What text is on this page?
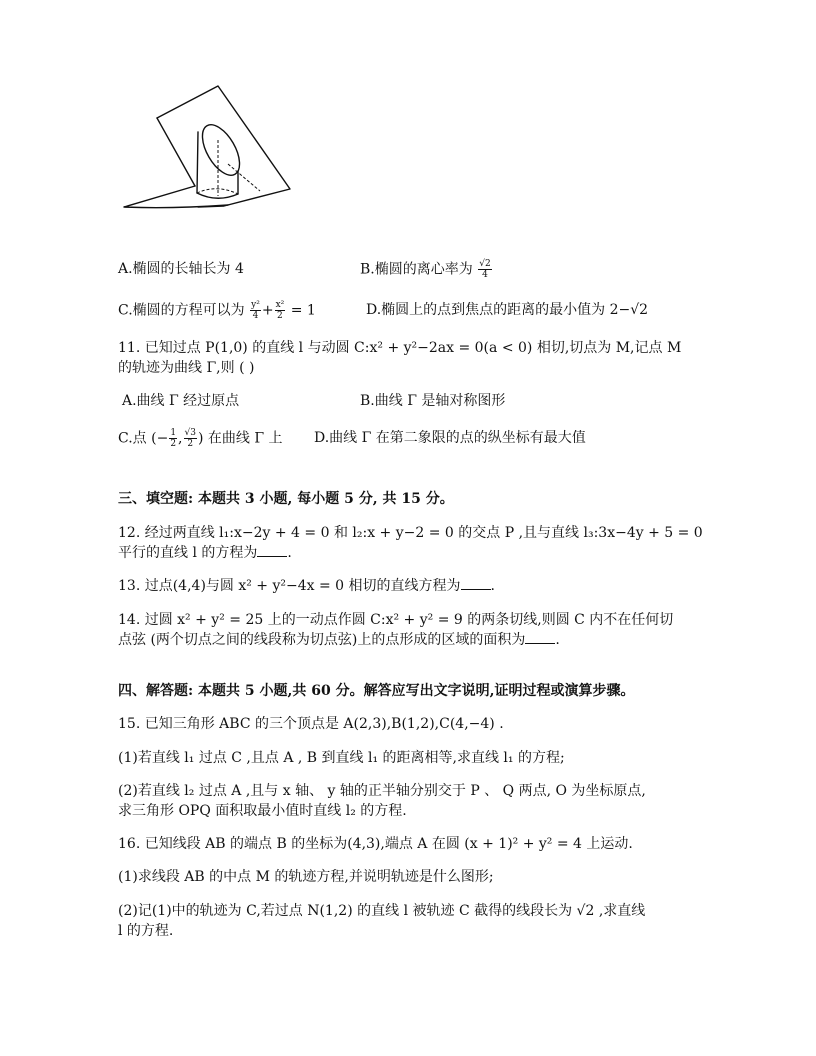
A.椭圆的长轴长为 4	B.椭圆的离心率为 $\frac{√2}{4}$
C.椭圆的方程可以为 $\frac{\text{y²}}{4} + \frac{\text{x²}}{2} = 1$	D.椭圆上的点到焦点的距离的最小值为 2−√2
11. 已知过点 P(1,0) 的直线 l 与动圆 C:x² + y²−2ax = 0(a < 0) 相切,切点为 M,记点 M
的轨迹为曲线 Γ,则 ( )
A.曲线 Γ 经过原点	B.曲线 Γ 是轴对称图形
C.点 (− $\frac{1}{2}$ , $\frac{√3}{2}$ ) 在曲线 Γ 上 D.曲线 Γ 在第二象限的点的纵坐标有最大值
三、填空题: 本题共 3 小题, 每小题 5 分, 共 15 分。
12. 经过两直线 l₁:x−2y + 4 = 0 和 l₂:x + y−2 = 0 的交点 P ,且与直线 l₃:3x−4y + 5 = 0
平行的直线 l 的方程为 .
13. 过点(4,4)与圆 x² + y²−4x = 0 相切的直线方程为 .
14. 过圆 x² + y² = 25 上的一动点作圆 C:x² + y² = 9 的两条切线,则圆 C 内不在任何切
点弦 (两个切点之间的线段称为切点弦)上的点形成的区域的面积为 .
四、解答题: 本题共 5 小题,共 60 分。解答应写出文字说明,证明过程或演算步骤。
15. 已知三角形 ABC 的三个顶点是 A(2,3),B(1,2),C(4,−4) .
(1)若直线 l₁ 过点 C ,且点 A , B 到直线 l₁ 的距离相等,求直线 l₁ 的方程;
(2)若直线 l₂ 过点 A ,且与 x 轴、 y 轴的正半轴分别交于 P 、 Q 两点, O 为坐标原点,
求三角形 OPQ 面积取最小值时直线 l₂ 的方程.
16. 已知线段 AB 的端点 B 的坐标为(4,3),端点 A 在圆 (x + 1)² + y² = 4 上运动.
(1)求线段 AB 的中点 M 的轨迹方程,并说明轨迹是什么图形;
(2)记(1)中的轨迹为 C,若过点 N(1,2) 的直线 l 被轨迹 C 截得的线段长为 √2 ,求直线
l 的方程.
